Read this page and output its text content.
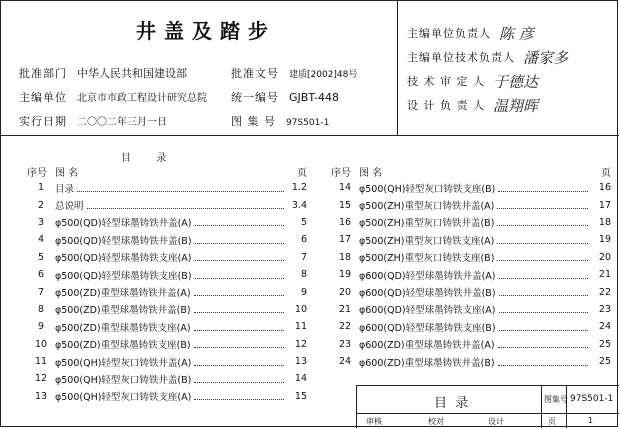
井盖及踏步
批准部门 中华人民共和国建设部	批准文号 建质[2002]48号
主编单位 北京市市政工程设计研究总院 统一编号 GJBT-448
实行日期 二〇〇二年三月一日	图 集 号 97S501-1
主编单位负责人 陈 彦
主编单位技术负责人 潘家多
技 术 审 定 人 于德达
设 计 负 责 人 温翔晖
目        录
序号 图 名	页
1	目录	1.2
2	总说明	3.4
3	φ500(QD)轻型球墨铸铁井盖(A)	5
4	φ500(QD)轻型球墨铸铁井盖(B)	6
5	φ500(QD)轻型球墨铸铁支座(A)	7
6	φ500(QD)轻型球墨铸铁支座(B)	8
7	φ500(ZD)重型球墨铸铁井盖(A)	9
8	φ500(ZD)重型球墨铸铁井盖(B)	10
9	φ500(ZD)重型球墨铸铁支座(A)	11
10 φ500(ZD)重型球墨铸铁支座(B)	12
11 φ500(QH)轻型灰口铸铁井盖(A)	13
12 φ500(QH)轻型灰口铸铁井盖(B)	14
13 φ500(QH)轻型灰口铸铁支座(A)	15
序号 图 名	页
14 φ500(QH)轻型灰口铸铁支座(B)	16
15 φ500(ZH)重型灰口铸铁井盖(A)	17
16 φ500(ZH)重型灰口铸铁井盖(B)	18
17 φ500(ZH)重型灰口铸铁支座(A)	19
18 φ500(ZH)重型灰口铸铁支座(B)	20
19 φ600(QD)轻型球墨铸铁井盖(A)	21
20 φ600(QD)轻型球墨铸铁井盖(B)	22
21 φ600(QD)轻型球墨铸铁支座(A)	23
22 φ600(QD)轻型球墨铸铁支座(B)	24
23 φ600(ZD)重型球墨铸铁井盖(A)	25
24 φ600(ZD)重型球墨铸铁井盖(B)	25
目  录	图集号 97S501-1
审核	校对	设计	页	1
